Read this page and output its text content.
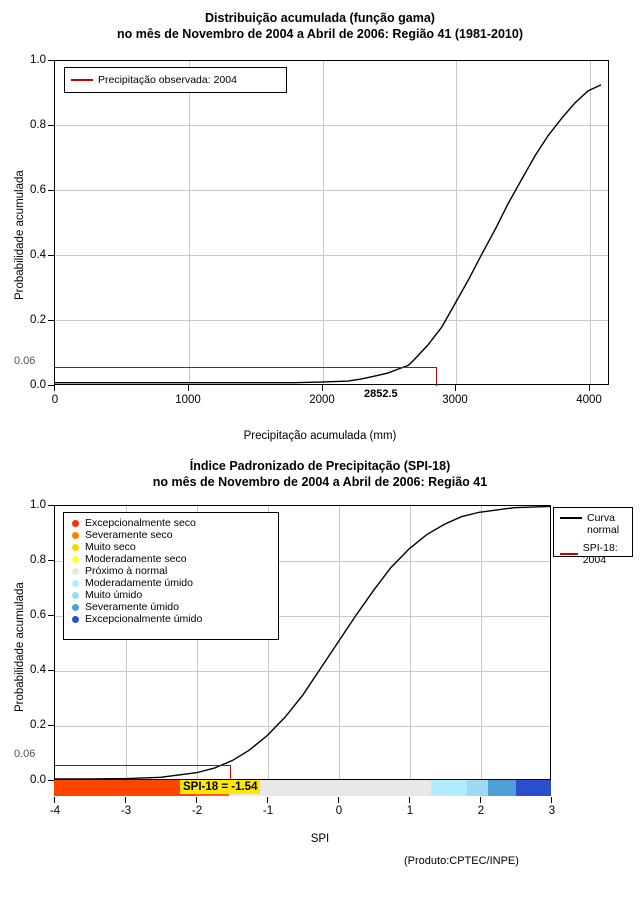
Distribuição acumulada (função gama)
no mês de Novembro de 2004 a Abril de 2006: Região 41 (1981-2010)
Probabilidade acumulada
0.0
0.2
0.4
0.6
0.8
1.0
0.06
Precipitação observada: 2004
2852.5
0	1000	2000	3000	4000
Precipitação acumulada (mm)
Índice Padronizado de Precipitação (SPI-18)
no mês de Novembro de 2004 a Abril de 2006: Região 41
Probabilidade acumulada
0.0
0.2
0.4
0.6
0.8
1.0
0.06
Excepcionalmente seco
Severamente seco
Muito seco
Moderadamente seco
Próximo à normal
Moderadamente úmido
Muito úmido
Severamente úmido
Excepcionalmente úmido
Curva normal
SPI-18: 2004
SPI-18 = -1.54
-4	-3	-2	-1	0	1	2	3
SPI
(Produto:CPTEC/INPE)
